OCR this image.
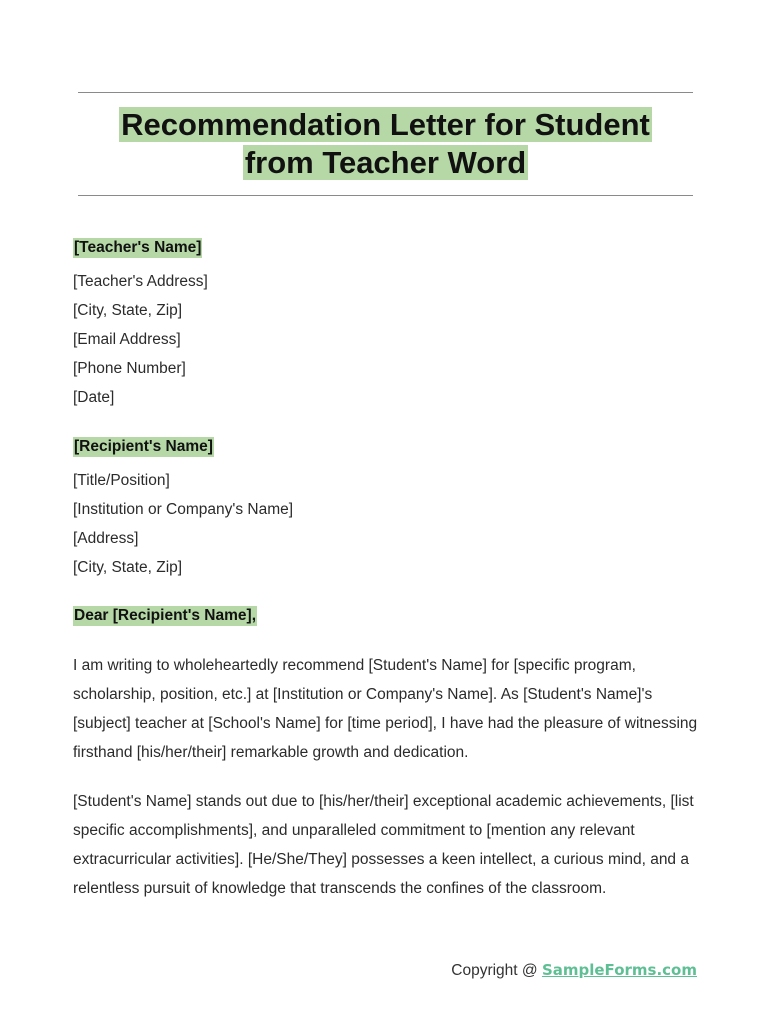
Recommendation Letter for Student
from Teacher Word
[Teacher's Name]
[Teacher's Address]
[City, State, Zip]
[Email Address]
[Phone Number]
[Date]
[Recipient's Name]
[Title/Position]
[Institution or Company's Name]
[Address]
[City, State, Zip]
Dear [Recipient's Name],

I am writing to wholeheartedly recommend [Student's Name] for [specific program, scholarship, position, etc.] at [Institution or Company's Name]. As [Student's Name]'s [subject] teacher at [School's Name] for [time period], I have had the pleasure of witnessing firsthand [his/her/their] remarkable growth and dedication.

[Student's Name] stands out due to [his/her/their] exceptional academic achievements, [list specific accomplishments], and unparalleled commitment to [mention any relevant extracurricular activities]. [He/She/They] possesses a keen intellect, a curious mind, and a relentless pursuit of knowledge that transcends the confines of the classroom.

Copyright @ SampleForms.com
